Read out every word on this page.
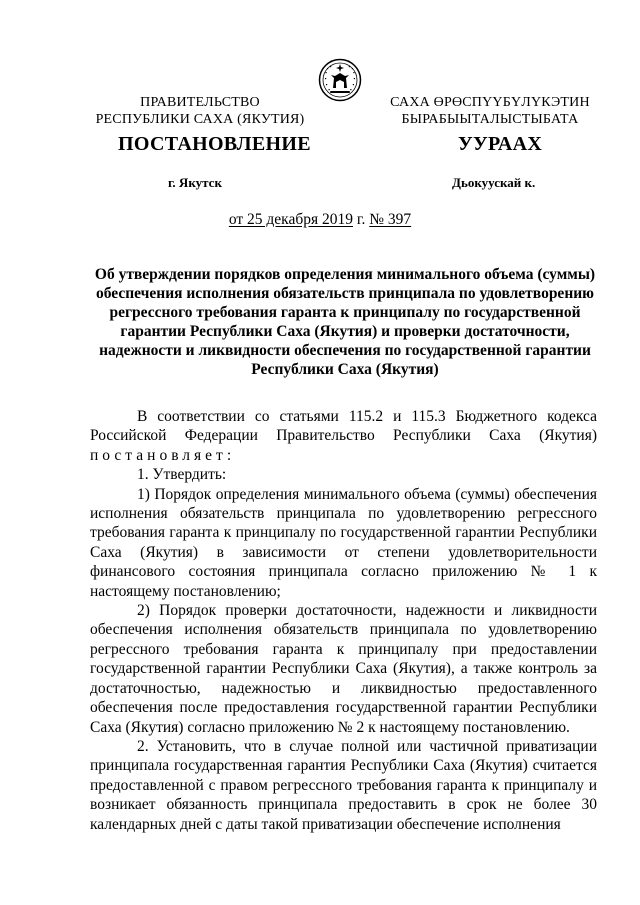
ПРАВИТЕЛЬСТВО
РЕСПУБЛИКИ САХА (ЯКУТИЯ)
САХА ӨРӨСПҮҮБҮЛҮКЭТИН
БЫРАБЫЫТАЛЫСТЫБАТА
ПОСТАНОВЛЕНИЕ	УУРААХ
г. Якутск	Дьокуускай к.
от 25 декабря 2019 г. № 397
Об утверждении порядков определения минимального объема (суммы)
обеспечения исполнения обязательств принципала по удовлетворению
регрессного требования гаранта к принципалу по государственной
гарантии Республики Саха (Якутия) и проверки достаточности,
надежности и ликвидности обеспечения по государственной гарантии
Республики Саха (Якутия)

В соответствии со статьями 115.2 и 115.3 Бюджетного кодекса Российской Федерации Правительство Республики Саха (Якутия) постановляет:

1. Утвердить:

1) Порядок определения минимального объема (суммы) обеспечения исполнения обязательств принципала по удовлетворению регрессного требования гаранта к принципалу по государственной гарантии Республики Саха (Якутия) в зависимости от степени удовлетворительности финансового состояния принципала согласно приложению № 1 к настоящему постановлению;

2) Порядок проверки достаточности, надежности и ликвидности обеспечения исполнения обязательств принципала по удовлетворению регрессного требования гаранта к принципалу при предоставлении государственной гарантии Республики Саха (Якутия), а также контроль за достаточностью, надежностью и ликвидностью предоставленного обеспечения после предоставления государственной гарантии Республики Саха (Якутия) согласно приложению № 2 к настоящему постановлению.

2. Установить, что в случае полной или частичной приватизации принципала государственная гарантия Республики Саха (Якутия) считается предоставленной с правом регрессного требования гаранта к принципалу и возникает обязанность принципала предоставить в срок не более 30 календарных дней с даты такой приватизации обеспечение исполнения
